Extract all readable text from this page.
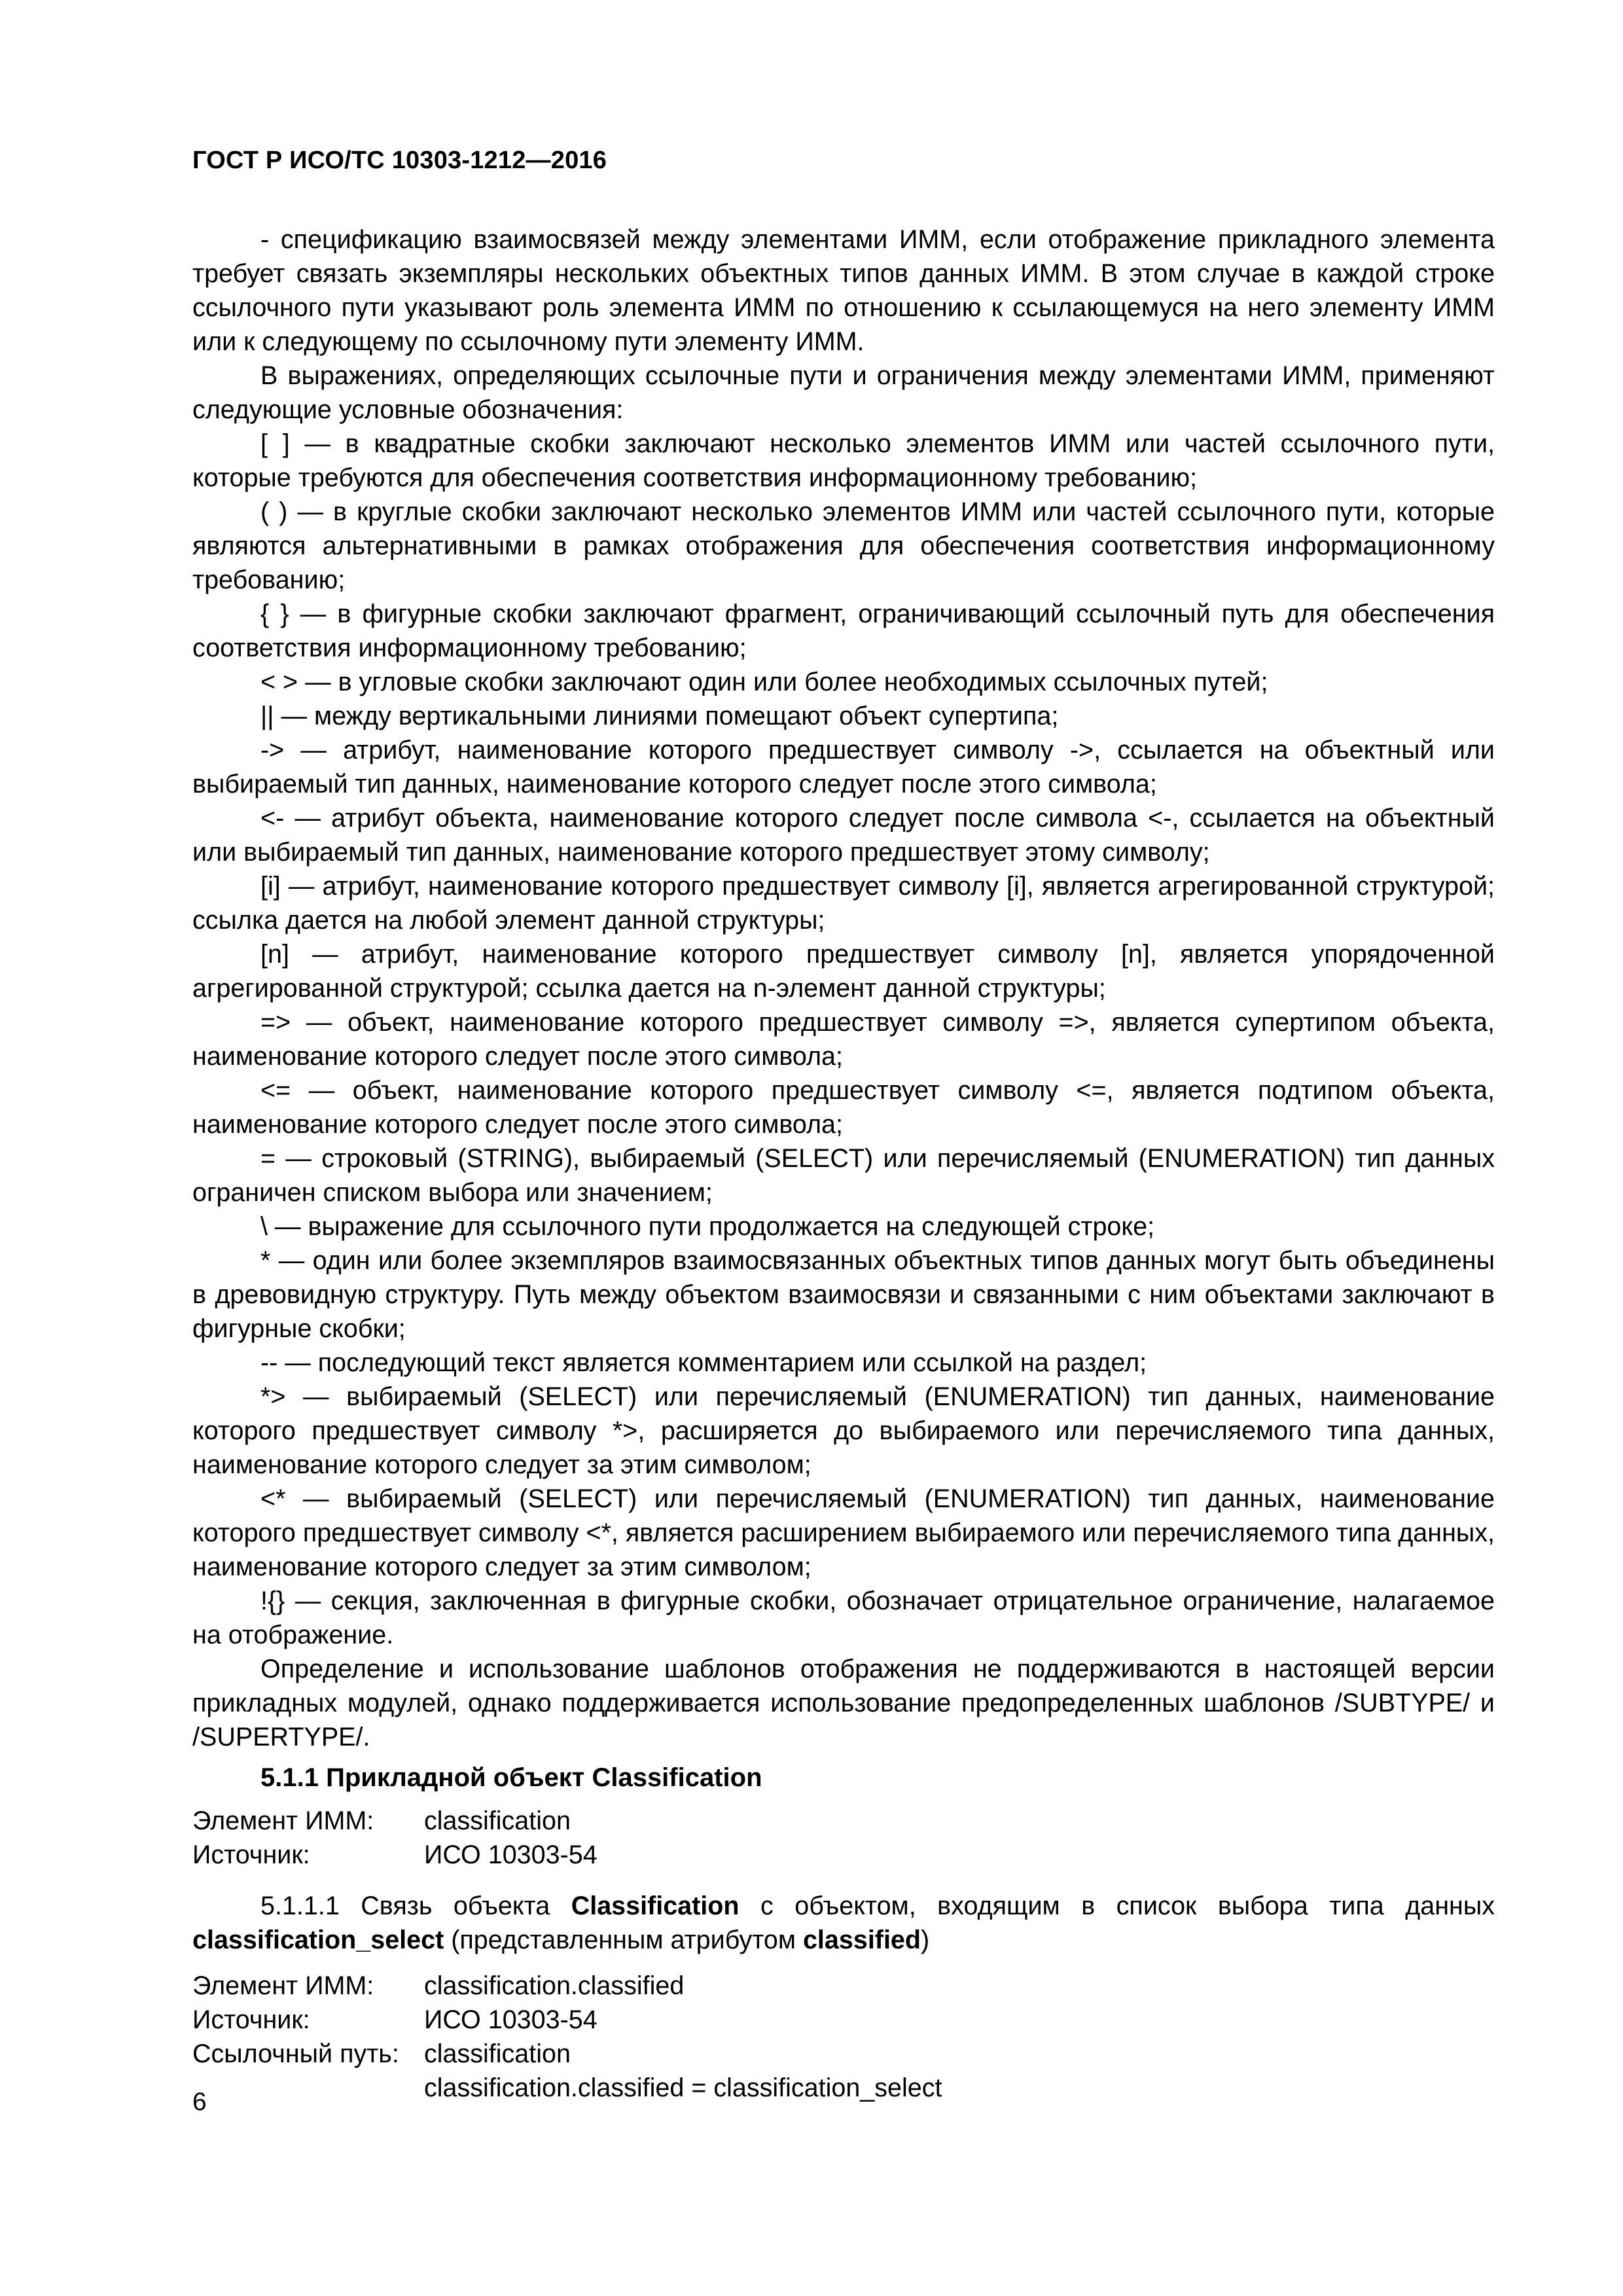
ГОСТ Р ИСО/ТС 10303-1212—2016

- спецификацию взаимосвязей между элементами ИММ, если отображение прикладного элемента требует связать экземпляры нескольких объектных типов данных ИММ. В этом случае в каждой строке ссылочного пути указывают роль элемента ИММ по отношению к ссылающемуся на него элементу ИММ или к следующему по ссылочному пути элементу ИММ.

В выражениях, определяющих ссылочные пути и ограничения между элементами ИММ, применяют следующие условные обозначения:

[ ] — в квадратные скобки заключают несколько элементов ИММ или частей ссылочного пути, которые требуются для обеспечения соответствия информационному требованию;

( ) — в круглые скобки заключают несколько элементов ИММ или частей ссылочного пути, которые являются альтернативными в рамках отображения для обеспечения соответствия информационному требованию;

{ } — в фигурные скобки заключают фрагмент, ограничивающий ссылочный путь для обеспечения соответствия информационному требованию;

< > — в угловые скобки заключают один или более необходимых ссылочных путей;

|| — между вертикальными линиями помещают объект супертипа;

-> — атрибут, наименование которого предшествует символу ->, ссылается на объектный или выбираемый тип данных, наименование которого следует после этого символа;

<- — атрибут объекта, наименование которого следует после символа <-, ссылается на объектный или выбираемый тип данных, наименование которого предшествует этому символу;

[i] — атрибут, наименование которого предшествует символу [i], является агрегированной структурой; ссылка дается на любой элемент данной структуры;

[n] — атрибут, наименование которого предшествует символу [n], является упорядоченной агрегированной структурой; ссылка дается на n-элемент данной структуры;

=> — объект, наименование которого предшествует символу =>, является супертипом объекта, наименование которого следует после этого символа;

<= — объект, наименование которого предшествует символу <=, является подтипом объекта, наименование которого следует после этого символа;

= — строковый (STRING), выбираемый (SELECT) или перечисляемый (ENUMERATION) тип данных ограничен списком выбора или значением;

\ — выражение для ссылочного пути продолжается на следующей строке;

* — один или более экземпляров взаимосвязанных объектных типов данных могут быть объединены в древовидную структуру. Путь между объектом взаимосвязи и связанными с ним объектами заключают в фигурные скобки;

-- — последующий текст является комментарием или ссылкой на раздел;

*> — выбираемый (SELECT) или перечисляемый (ENUMERATION) тип данных, наименование которого предшествует символу *>, расширяется до выбираемого или перечисляемого типа данных, наименование которого следует за этим символом;

<* — выбираемый (SELECT) или перечисляемый (ENUMERATION) тип данных, наименование которого предшествует символу <*, является расширением выбираемого или перечисляемого типа данных, наименование которого следует за этим символом;

!{} — секция, заключенная в фигурные скобки, обозначает отрицательное ограничение, налагаемое на отображение.

Определение и использование шаблонов отображения не поддерживаются в настоящей версии прикладных модулей, однако поддерживается использование предопределенных шаблонов /SUBTYPE/ и /SUPERTYPE/.

5.1.1 Прикладной объект Classification
Элемент ИММ:	classification
Источник:	ИСО 10303-54

5.1.1.1 Связь объекта Classification с объектом, входящим в список выбора типа данных classification_select (представленным атрибутом classified)

Элемент ИММ:	classification.classified
Источник:	ИСО 10303-54
Ссылочный путь:	classification
classification.classified = classification_select
6
